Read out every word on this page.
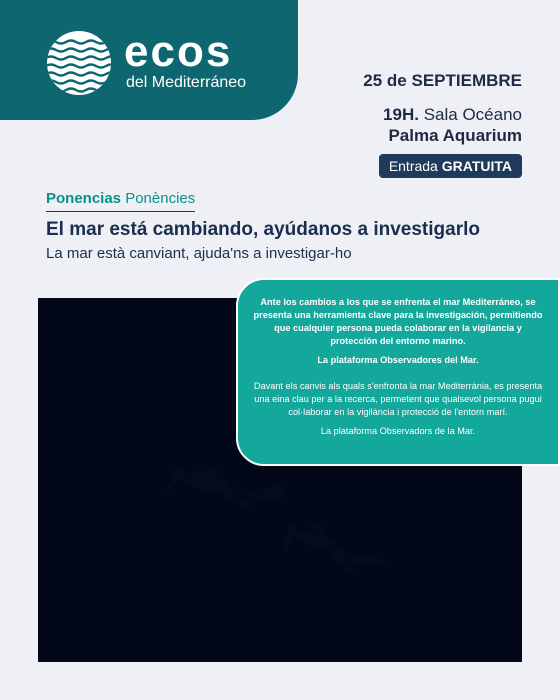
ecos
del Mediterráneo	25 de SEPTIEMBRE
19H. Sala Océano
Palma Aquarium
Entrada GRATUITA
Ponencias Ponències
El mar está cambiando, ayúdanos a investigarlo
La mar està canviant, ajuda'ns a investigar-ho

Ante los cambios a los que se enfrenta el mar Mediterráneo, se presenta una herramienta clave para la investigación, permitiendo que cualquier persona pueda colaborar en la vigilancia y protección del entorno marino.

La plataforma Observadores del Mar.

Davant els canvis als quals s'enfronta la mar Mediterrània, es presenta una eina clau per a la recerca, permetent que qualsevol persona pugui col·laborar en la vigilància i protecció de l'entorn marí.

La plataforma Observadors de la Mar.
